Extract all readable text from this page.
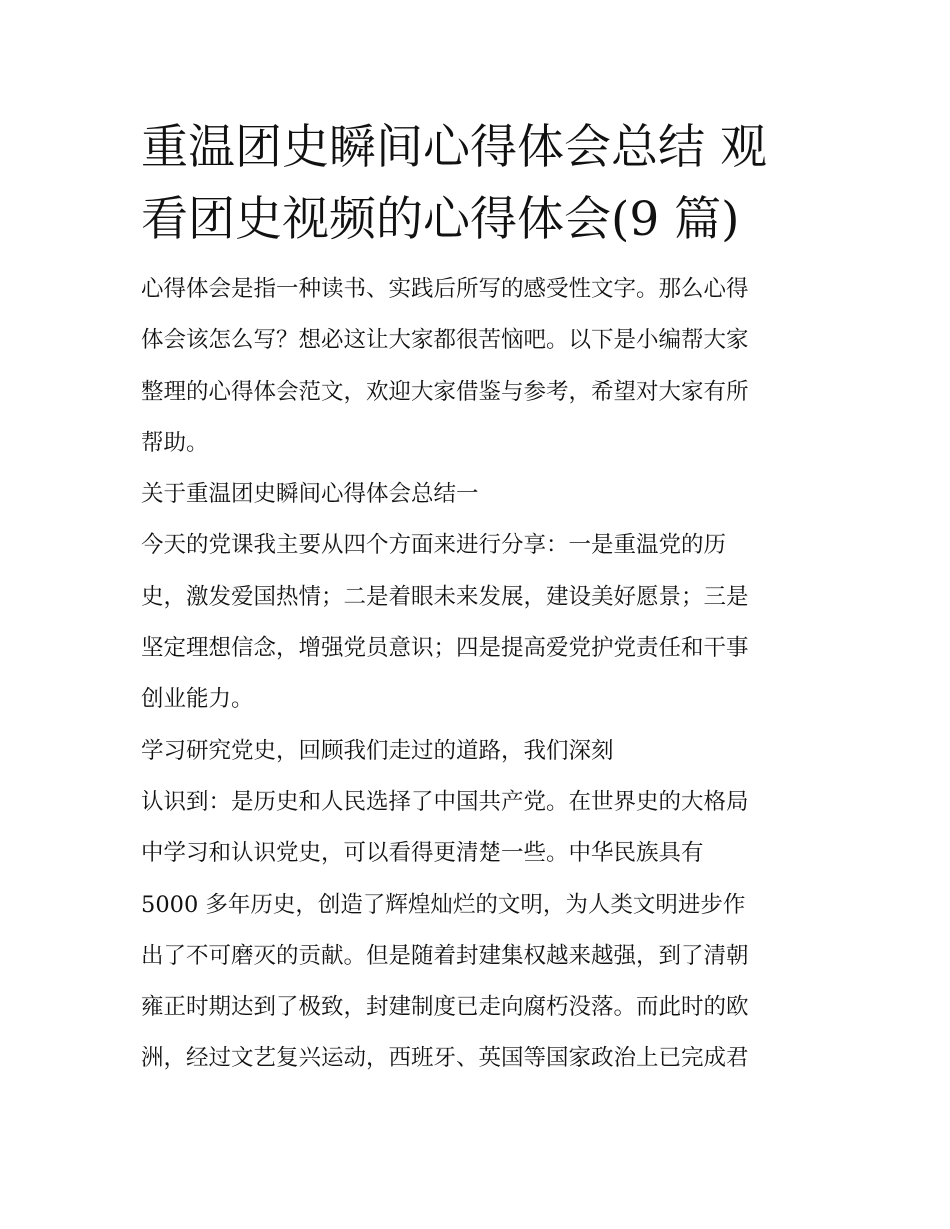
重温团史瞬间心得体会总结 观
看团史视频的心得体会(9 篇)
心得体会是指一种读书、实践后所写的感受性文字。那么心得
体会该怎么写？想必这让大家都很苦恼吧。以下是小编帮大家
整理的心得体会范文，欢迎大家借鉴与参考，希望对大家有所
帮助。
关于重温团史瞬间心得体会总结一
今天的党课我主要从四个方面来进行分享：一是重温党的历
史，激发爱国热情；二是着眼未来发展，建设美好愿景；三是
坚定理想信念，增强党员意识；四是提高爱党护党责任和干事
创业能力。
学习研究党史，回顾我们走过的道路，我们深刻
认识到：是历史和人民选择了中国共产党。在世界史的大格局
中学习和认识党史，可以看得更清楚一些。中华民族具有
5000 多年历史，创造了辉煌灿烂的文明，为人类文明进步作
出了不可磨灭的贡献。但是随着封建集权越来越强，到了清朝
雍正时期达到了极致，封建制度已走向腐朽没落。而此时的欧
洲，经过文艺复兴运动，西班牙、英国等国家政治上已完成君
